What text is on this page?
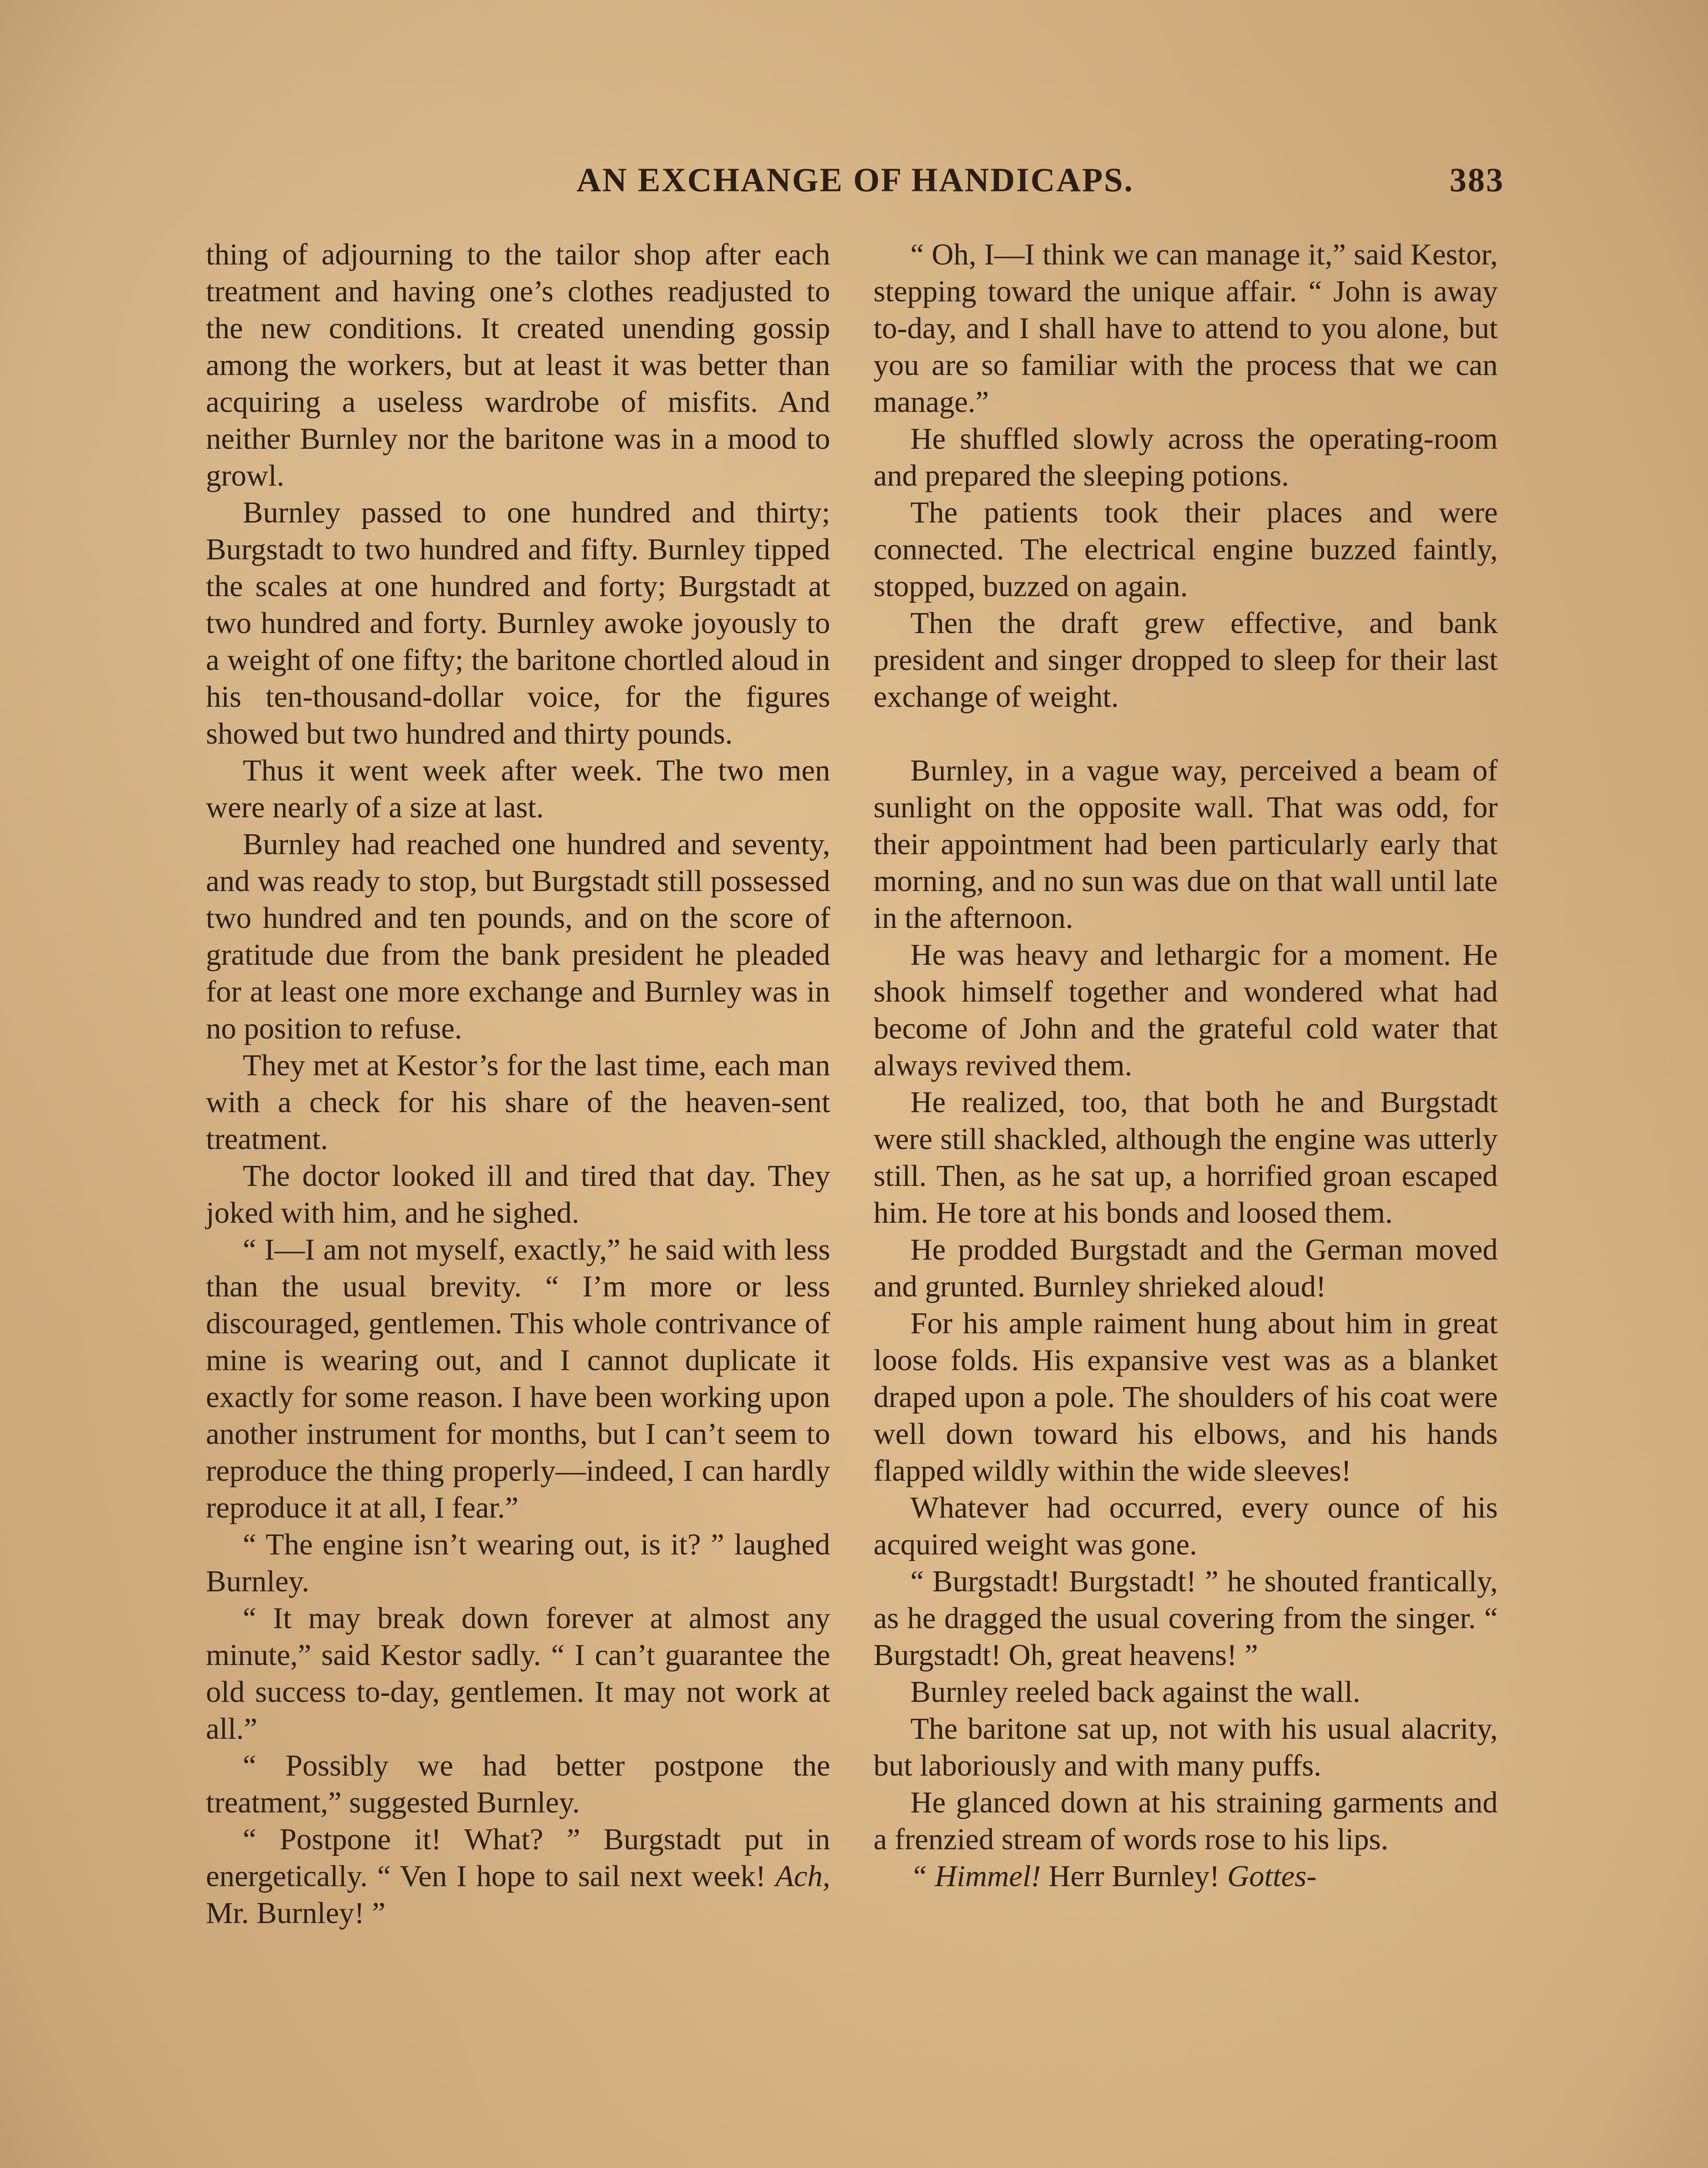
AN EXCHANGE OF HANDICAPS.	383

thing of adjourning to the tailor shop after each treatment and having one’s clothes readjusted to the new conditions. It created unending gossip among the workers, but at least it was better than acquiring a useless wardrobe of misfits. And neither Burnley nor the baritone was in a mood to growl.

Burnley passed to one hundred and thirty; Burgstadt to two hundred and fifty. Burnley tipped the scales at one hundred and forty; Burgstadt at two hundred and forty. Burnley awoke joyously to a weight of one fifty; the baritone chortled aloud in his ten-thousand-dollar voice, for the figures showed but two hundred and thirty pounds.

Thus it went week after week. The two men were nearly of a size at last.

Burnley had reached one hundred and seventy, and was ready to stop, but Burgstadt still possessed two hundred and ten pounds, and on the score of gratitude due from the bank president he pleaded for at least one more exchange and Burnley was in no position to refuse.

They met at Kestor’s for the last time, each man with a check for his share of the heaven-sent treatment.

The doctor looked ill and tired that day. They joked with him, and he sighed.

“ I—I am not myself, exactly,” he said with less than the usual brevity. “ I’m more or less discouraged, gentlemen. This whole contrivance of mine is wearing out, and I cannot duplicate it exactly for some reason. I have been working upon another instrument for months, but I can’t seem to reproduce the thing properly—indeed, I can hardly reproduce it at all, I fear.”

“ The engine isn’t wearing out, is it? ” laughed Burnley.

“ It may break down forever at almost any minute,” said Kestor sadly. “ I can’t guarantee the old success to-day, gentlemen. It may not work at all.”

“ Possibly we had better postpone the treatment,” suggested Burnley.

“ Postpone it! What? ” Burgstadt put in energetically. “ Ven I hope to sail next week! Ach, Mr. Burnley! ”

“ Oh, I—I think we can manage it,” said Kestor, stepping toward the unique affair. “ John is away to-day, and I shall have to attend to you alone, but you are so familiar with the process that we can manage.”

He shuffled slowly across the operating-room and prepared the sleeping potions.

The patients took their places and were connected. The electrical engine buzzed faintly, stopped, buzzed on again.

Then the draft grew effective, and bank president and singer dropped to sleep for their last exchange of weight.

Burnley, in a vague way, perceived a beam of sunlight on the opposite wall. That was odd, for their appointment had been particularly early that morning, and no sun was due on that wall until late in the afternoon.

He was heavy and lethargic for a moment. He shook himself together and wondered what had become of John and the grateful cold water that always revived them.

He realized, too, that both he and Burgstadt were still shackled, although the engine was utterly still. Then, as he sat up, a horrified groan escaped him. He tore at his bonds and loosed them.

He prodded Burgstadt and the German moved and grunted. Burnley shrieked aloud!

For his ample raiment hung about him in great loose folds. His expansive vest was as a blanket draped upon a pole. The shoulders of his coat were well down toward his elbows, and his hands flapped wildly within the wide sleeves!

Whatever had occurred, every ounce of his acquired weight was gone.

“ Burgstadt! Burgstadt! ” he shouted frantically, as he dragged the usual covering from the singer. “ Burgstadt! Oh, great heavens! ”

Burnley reeled back against the wall.

The baritone sat up, not with his usual alacrity, but laboriously and with many puffs.

He glanced down at his straining garments and a frenzied stream of words rose to his lips.

“ Himmel! Herr Burnley! Gottes-
